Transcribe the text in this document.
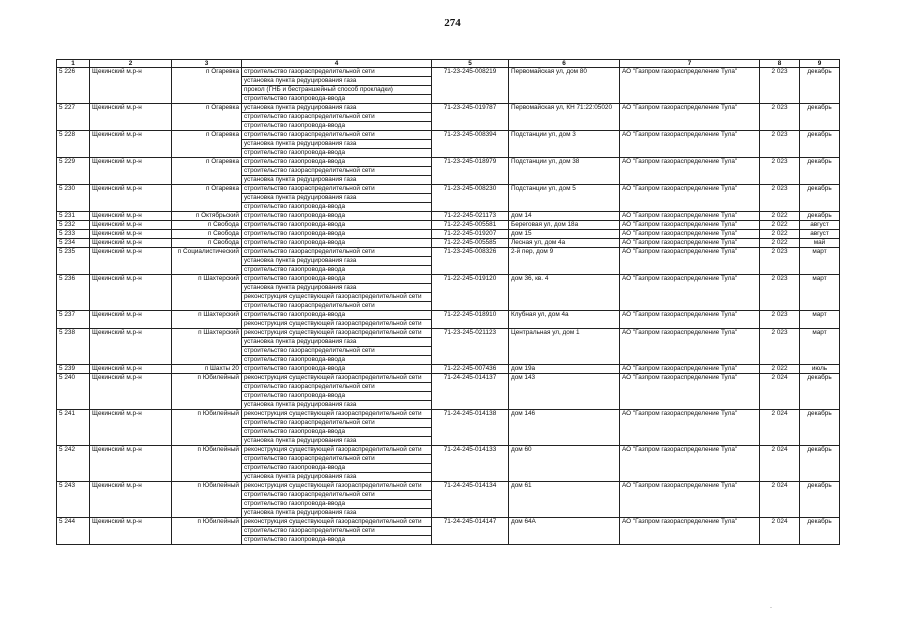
274
1	2	3	4	5	6	7	8	9
5 226	Щекинский м.р-н	п Огаревка	строительство газораспределительной сети	71-23-245-008219	Первомайская ул, дом 80	АО "Газпром газораспределение Тула"	2 023	декабрь
			установка пункта редуцирования газа					
			прокол (ГНБ и бестраншейный способ прокладки)					
			строительство газопровода-ввода					
5 227	Щекинский м.р-н	п Огаревка	установка пункта редуцирования газа	71-23-245-019787	Первомайская ул, КН 71:22:05020	АО "Газпром газораспределение Тула"	2 023	декабрь
			строительство газораспределительной сети					
			строительство газопровода-ввода					
5 228	Щекинский м.р-н	п Огаревка	строительство газораспределительной сети	71-23-245-008394	Подстанции ул, дом 3	АО "Газпром газораспределение Тула"	2 023	декабрь
			установка пункта редуцирования газа					
			строительство газопровода-ввода					
5 229	Щекинский м.р-н	п Огаревка	строительство газопровода-ввода	71-23-245-018979	Подстанции ул, дом 38	АО "Газпром газораспределение Тула"	2 023	декабрь
			строительство газораспределительной сети					
			установка пункта редуцирования газа					
5 230	Щекинский м.р-н	п Огаревка	строительство газораспределительной сети	71-23-245-008230	Подстанции ул, дом 5	АО "Газпром газораспределение Тула"	2 023	декабрь
			установка пункта редуцирования газа					
			строительство газопровода-ввода					
5 231	Щекинский м.р-н	п Октябрьский	строительство газопровода-ввода	71-22-245-021173	дом 14	АО "Газпром газораспределение Тула"	2 022	декабрь
5 232	Щекинский м.р-н	п Свобода	строительство газопровода-ввода	71-22-245-005581	Береговая ул, дом 18а	АО "Газпром газораспределение Тула"	2 022	август
5 233	Щекинский м.р-н	п Свобода	строительство газопровода-ввода	71-22-245-019207	дом 15	АО "Газпром газораспределение Тула"	2 022	август
5 234	Щекинский м.р-н	п Свобода	строительство газопровода-ввода	71-22-245-005585	Лесная ул, дом 4а	АО "Газпром газораспределение Тула"	2 022	май
5 235	Щекинский м.р-н	п Социалистический	строительство газораспределительной сети	71-23-245-008326	2-й пер, дом 9	АО "Газпром газораспределение Тула"	2 023	март
			установка пункта редуцирования газа					
			строительство газопровода-ввода					
5 236	Щекинский м.р-н	п Шахтерский	строительство газопровода-ввода	71-22-245-019120	дом 36, кв. 4	АО "Газпром газораспределение Тула"	2 023	март
			установка пункта редуцирования газа					
			реконструкция существующей газораспределительной сети					
			строительство газораспределительной сети					
5 237	Щекинский м.р-н	п Шахтерский	строительство газопровода-ввода	71-22-245-018910	Клубная ул, дом 4а	АО "Газпром газораспределение Тула"	2 023	март
			реконструкция существующей газораспределительной сети					
5 238	Щекинский м.р-н	п Шахтерский	реконструкция существующей газораспределительной сети	71-23-245-021123	Центральная ул, дом 1	АО "Газпром газораспределение Тула"	2 023	март
			установка пункта редуцирования газа					
			строительство газораспределительной сети					
			строительство газопровода-ввода					
5 239	Щекинский м.р-н	п Шахты 20	строительство газопровода-ввода	71-22-245-007436	дом 19а	АО "Газпром газораспределение Тула"	2 022	июль
5 240	Щекинский м.р-н	п Юбилейный	реконструкция существующей газораспределительной сети	71-24-245-014137	дом 143	АО "Газпром газораспределение Тула"	2 024	декабрь
			строительство газораспределительной сети					
			строительство газопровода-ввода					
			установка пункта редуцирования газа					
5 241	Щекинский м.р-н	п Юбилейный	реконструкция существующей газораспределительной сети	71-24-245-014138	дом 146	АО "Газпром газораспределение Тула"	2 024	декабрь
			строительство газораспределительной сети					
			строительство газопровода-ввода					
			установка пункта редуцирования газа					
5 242	Щекинский м.р-н	п Юбилейный	реконструкция существующей газораспределительной сети	71-24-245-014133	дом 60	АО "Газпром газораспределение Тула"	2 024	декабрь
			строительство газораспределительной сети					
			строительство газопровода-ввода					
			установка пункта редуцирования газа					
5 243	Щекинский м.р-н	п Юбилейный	реконструкция существующей газораспределительной сети	71-24-245-014134	дом 61	АО "Газпром газораспределение Тула"	2 024	декабрь
			строительство газораспределительной сети					
			строительство газопровода-ввода					
			установка пункта редуцирования газа					
5 244	Щекинский м.р-н	п Юбилейный	реконструкция существующей газораспределительной сети	71-24-245-014147	дом 64А	АО "Газпром газораспределение Тула"	2 024	декабрь
			строительство газораспределительной сети					
			строительство газопровода-ввода					
·
